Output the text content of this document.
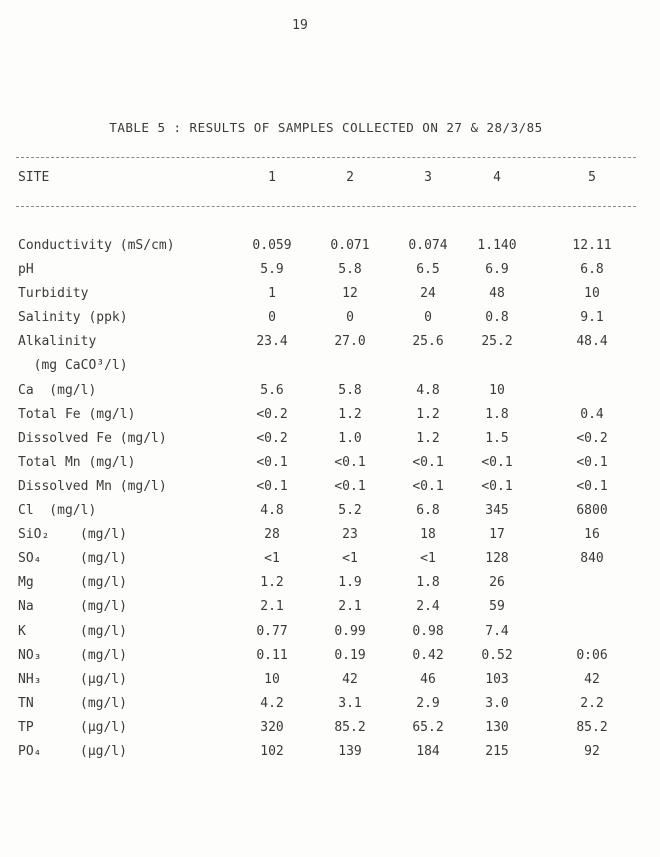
19
TABLE 5 : RESULTS OF SAMPLES COLLECTED ON 27 & 28/3/85
SITE	1	2	3	4	5
Conductivity (mS/cm)	0.059	0.071	0.074	1.140	12.11
pH	5.9	5.8	6.5	6.9	6.8
Turbidity	1	12	24	48	10
Salinity (ppk)	0	0	0	0.8	9.1
Alkalinity	23.4	27.0	25.6	25.2	48.4
(mg CaCO³/l)
Ca  (mg/l)	5.6	5.8	4.8	10
Total Fe (mg/l)	<0.2	1.2	1.2	1.8	0.4
Dissolved Fe (mg/l)	<0.2	1.0	1.2	1.5	<0.2
Total Mn (mg/l)	<0.1	<0.1	<0.1	<0.1	<0.1
Dissolved Mn (mg/l)	<0.1	<0.1	<0.1	<0.1	<0.1
Cl  (mg/l)	4.8	5.2	6.8	345	6800
SiO₂ (mg/l)	28	23	18	17	16
SO₄	(mg/l)	<1	<1	<1	128	840
Mg	(mg/l)	1.2	1.9	1.8	26
Na	(mg/l)	2.1	2.1	2.4	59
K	(mg/l)	0.77	0.99	0.98	7.4
NO₃	(mg/l)	0.11	0.19	0.42	0.52	0:06
NH₃	(µg/l)	10	42	46	103	42
TN	(mg/l)	4.2	3.1	2.9	3.0	2.2
TP	(µg/l)	320	85.2	65.2	130	85.2
PO₄	(µg/l)	102	139	184	215	92
